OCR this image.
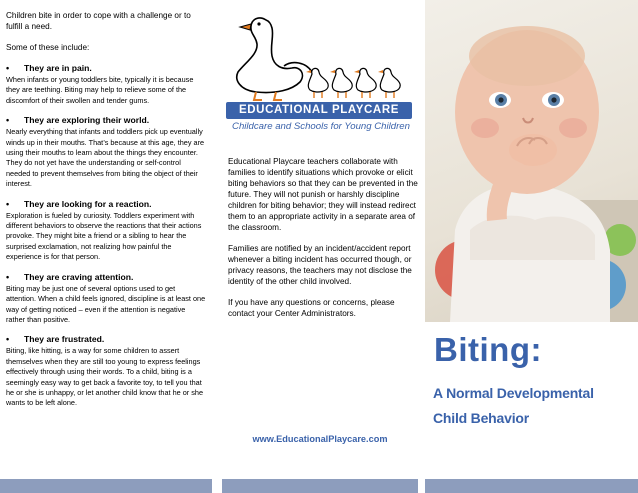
Children bite in order to cope with a challenge or to fulfill a need.

Some of these include:

•	They are in pain.
When infants or young toddlers bite, typically it is because they are teething. Biting may help to relieve some of the discomfort of their swollen and tender gums.
•	They are exploring their world.
Nearly everything that infants and toddlers pick up eventually winds up in their mouths. That’s because at this age, they are using their mouths to learn about the things they encounter. They do not yet have the understanding or self-control needed to prevent themselves from biting the object of their interest.
•	They are looking for a reaction.
Exploration is fueled by curiosity. Toddlers experiment with different behaviors to observe the reactions that their actions provoke. They might bite a friend or a sibling to hear the surprised exclamation, not realizing how painful the experience is for that person.
•	They are craving attention.
Biting may be just one of several options used to get attention. When a child feels ignored, discipline is at least one way of getting noticed – even if the attention is negative rather than positive.
•	They are frustrated.
Biting, like hitting, is a way for some children to assert themselves when they are still too young to express feelings effectively through using their words. To a child, biting is a seemingly easy way to get back a favorite toy, to tell you that he or she is unhappy, or let another child know that he or she wants to be left alone.
EDUCATIONAL PLAYCARE
Childcare and Schools for Young Children

Educational Playcare teachers collaborate with families to identify situations which provoke or elicit biting behaviors so that they can be prevented in the future. They will not punish or harshly discipline children for biting behavior; they will instead redirect them to an appropriate activity in a separate area of the classroom.

Families are notified by an incident/accident report whenever a biting incident has occurred though, or privacy reasons, the teachers may not disclose the identity of the other child involved.

If you have any questions or concerns, please contact your Center Administrators.

www.EducationalPlaycare.com
Biting:
A Normal Developmental
Child Behavior
